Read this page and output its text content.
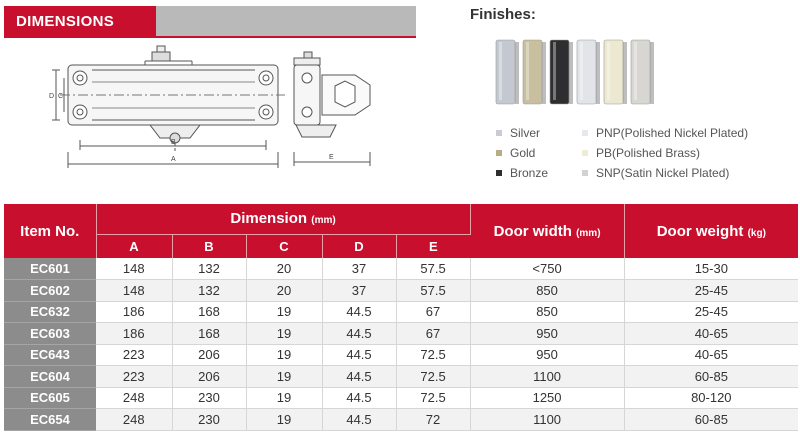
DIMENSIONS
D C
B
A	E
Finishes:
Silver
Gold
Bronze
PNP(Polished Nickel Plated)
PB(Polished Brass)
SNP(Satin Nickel Plated)
Item No.	Dimension (mm)					Door width (mm)	Door weight (kg)
	A	B	C	D	E		
EC601	148	132	20	37	57.5	<750	15-30
EC602	148	132	20	37	57.5	850	25-45
EC632	186	168	19	44.5	67	850	25-45
EC603	186	168	19	44.5	67	950	40-65
EC643	223	206	19	44.5	72.5	950	40-65
EC604	223	206	19	44.5	72.5	1100	60-85
EC605	248	230	19	44.5	72.5	1250	80-120
EC654	248	230	19	44.5	72	1100	60-85
